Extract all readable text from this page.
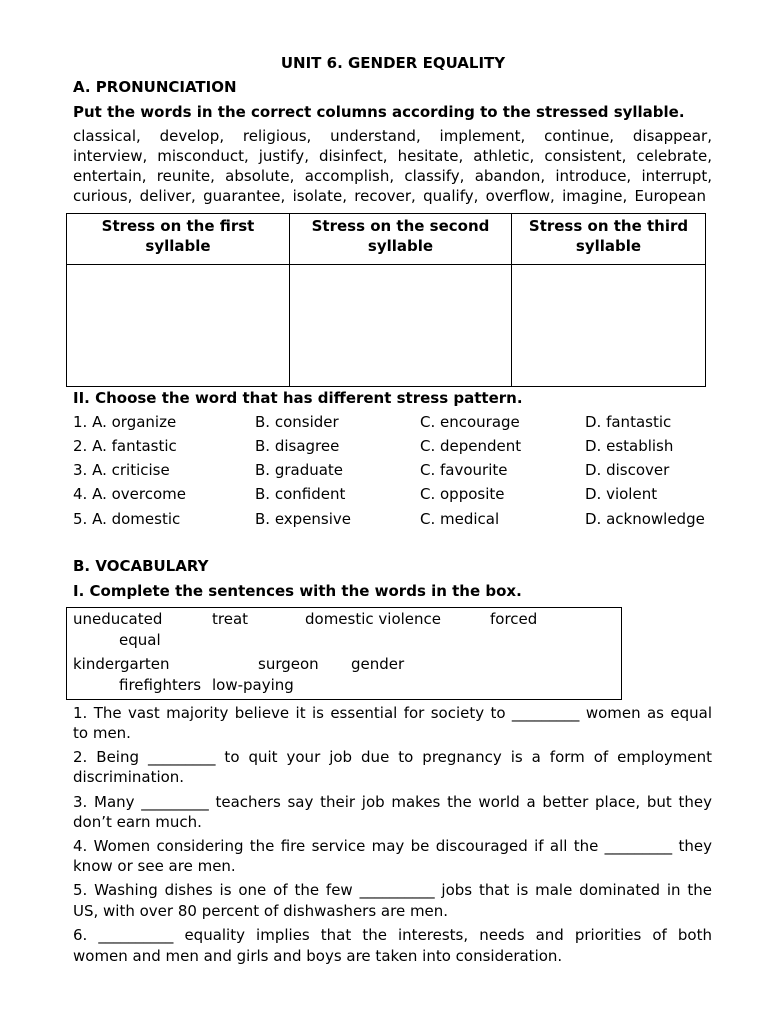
UNIT 6. GENDER EQUALITY
A. PRONUNCIATION
Put the words in the correct columns according to the stressed syllable.
classical, develop, religious, understand, implement, continue, disappear,
interview, misconduct, justify, disinfect, hesitate, athletic, consistent, celebrate,
entertain, reunite, absolute, accomplish, classify, abandon, introduce, interrupt,
curious, deliver, guarantee, isolate, recover, qualify, overflow, imagine, European
Stress on the first
syllable	Stress on the second
syllable	Stress on the third
syllable

II. Choose the word that has different stress pattern.
1. A. organize	B. consider	C. encourage	D. fantastic
2. A. fantastic	B. disagree	C. dependent	D. establish
3. A. criticise	B. graduate	C. favourite	D. discover
4. A. overcome	B. confident	C. opposite	D. violent
5. A. domestic	B. expensive	C. medical	D. acknowledge
B. VOCABULARY
I. Complete the sentences with the words in the box.
uneducated	treat	domestic violence	forced
equal
kindergarten	surgeon gender
firefighters low-paying
1. The vast majority believe it is essential for society to _________ women as equal
to men.
2. Being _________ to quit your job due to pregnancy is a form of employment
discrimination.
3. Many _________ teachers say their job makes the world a better place, but they
don’t earn much.
4. Women considering the fire service may be discouraged if all the _________ they
know or see are men.
5. Washing dishes is one of the few __________ jobs that is male dominated in the
US, with over 80 percent of dishwashers are men.
6. __________ equality implies that the interests, needs and priorities of both
women and men and girls and boys are taken into consideration.
